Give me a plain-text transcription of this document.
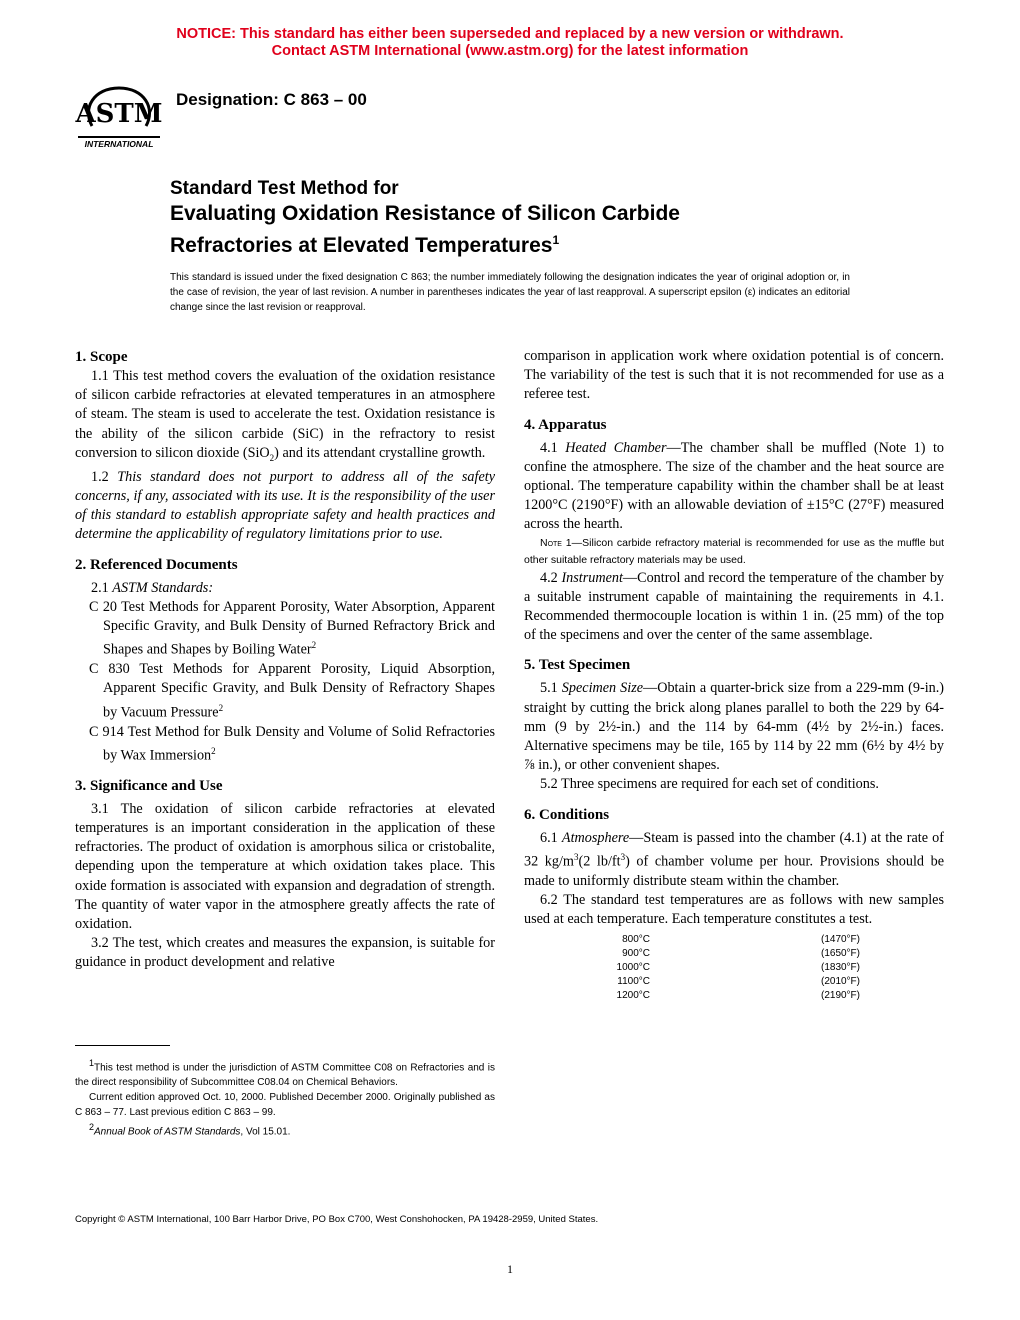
NOTICE: This standard has either been superseded and replaced by a new version or withdrawn.
Contact ASTM International (www.astm.org) for the latest information
ASTM
INTERNATIONAL
Designation: C 863 – 00
Standard Test Method for
Evaluating Oxidation Resistance of Silicon Carbide
Refractories at Elevated Temperatures$^1$
This standard is issued under the fixed designation C 863; the number immediately following the designation indicates the year of original adoption or, in the case of revision, the year of last revision. A number in parentheses indicates the year of last reapproval. A superscript epsilon (ε) indicates an editorial change since the last revision or reapproval.
1. Scope

1.1 This test method covers the evaluation of the oxidation resistance of silicon carbide refractories at elevated temperatures in an atmosphere of steam. The steam is used to accelerate the test. Oxidation resistance is the ability of the silicon carbide (SiC) in the refractory to resist conversion to silicon dioxide (SiO$_2$) and its attendant crystalline growth.

1.2 This standard does not purport to address all of the safety concerns, if any, associated with its use. It is the responsibility of the user of this standard to establish appropriate safety and health practices and determine the applicability of regulatory limitations prior to use.

2. Referenced Documents

2.1 ASTM Standards:

C 20 Test Methods for Apparent Porosity, Water Absorption, Apparent Specific Gravity, and Bulk Density of Burned Refractory Brick and Shapes and Shapes by Boiling Water$^2$

C 830 Test Methods for Apparent Porosity, Liquid Absorption, Apparent Specific Gravity, and Bulk Density of Refractory Shapes by Vacuum Pressure$^2$

C 914 Test Method for Bulk Density and Volume of Solid Refractories by Wax Immersion$^2$

3. Significance and Use

3.1 The oxidation of silicon carbide refractories at elevated temperatures is an important consideration in the application of these refractories. The product of oxidation is amorphous silica or cristobalite, depending upon the temperature at which oxidation takes place. This oxide formation is associated with expansion and degradation of strength. The quantity of water vapor in the atmosphere greatly affects the rate of oxidation.

3.2 The test, which creates and measures the expansion, is suitable for guidance in product development and relative

comparison in application work where oxidation potential is of concern. The variability of the test is such that it is not recommended for use as a referee test.

4. Apparatus

4.1 Heated Chamber—The chamber shall be muffled (Note 1) to confine the atmosphere. The size of the chamber and the heat source are optional. The temperature capability within the chamber shall be at least 1200°C (2190°F) with an allowable deviation of ±15°C (27°F) measured across the hearth.

Note 1—Silicon carbide refractory material is recommended for use as the muffle but other suitable refractory materials may be used.

4.2 Instrument—Control and record the temperature of the chamber by a suitable instrument capable of maintaining the requirements in 4.1. Recommended thermocouple location is within 1 in. (25 mm) of the top of the specimens and over the center of the same assemblage.

5. Test Specimen

5.1 Specimen Size—Obtain a quarter-brick size from a 229-mm (9-in.) straight by cutting the brick along planes parallel to both the 229 by 64-mm (9 by 2½-in.) and the 114 by 64-mm (4½ by 2½-in.) faces. Alternative specimens may be tile, 165 by 114 by 22 mm (6½ by 4½ by ⅞ in.), or other convenient shapes.

5.2 Three specimens are required for each set of conditions.

6. Conditions

6.1 Atmosphere—Steam is passed into the chamber (4.1) at the rate of 32 $kg/m^3(2$ $lb/ft^3$) of chamber volume per hour. Provisions should be made to uniformly distribute steam within the chamber.

6.2 The standard test temperatures are as follows with new samples used at each temperature. Each temperature constitutes a test.

800°C	(1470°F)
900°C	(1650°F)
1000°C	(1830°F)
1100°C	(2010°F)
1200°C	(2190°F)

$^1$This test method is under the jurisdiction of ASTM Committee C08 on Refractories and is the direct responsibility of Subcommittee C08.04 on Chemical Behaviors.

Current edition approved Oct. 10, 2000. Published December 2000. Originally published as C 863 – 77. Last previous edition C 863 – 99.

$^2$Annual Book of ASTM Standards, Vol 15.01.

Copyright © ASTM International, 100 Barr Harbor Drive, PO Box C700, West Conshohocken, PA 19428-2959, United States.
1
